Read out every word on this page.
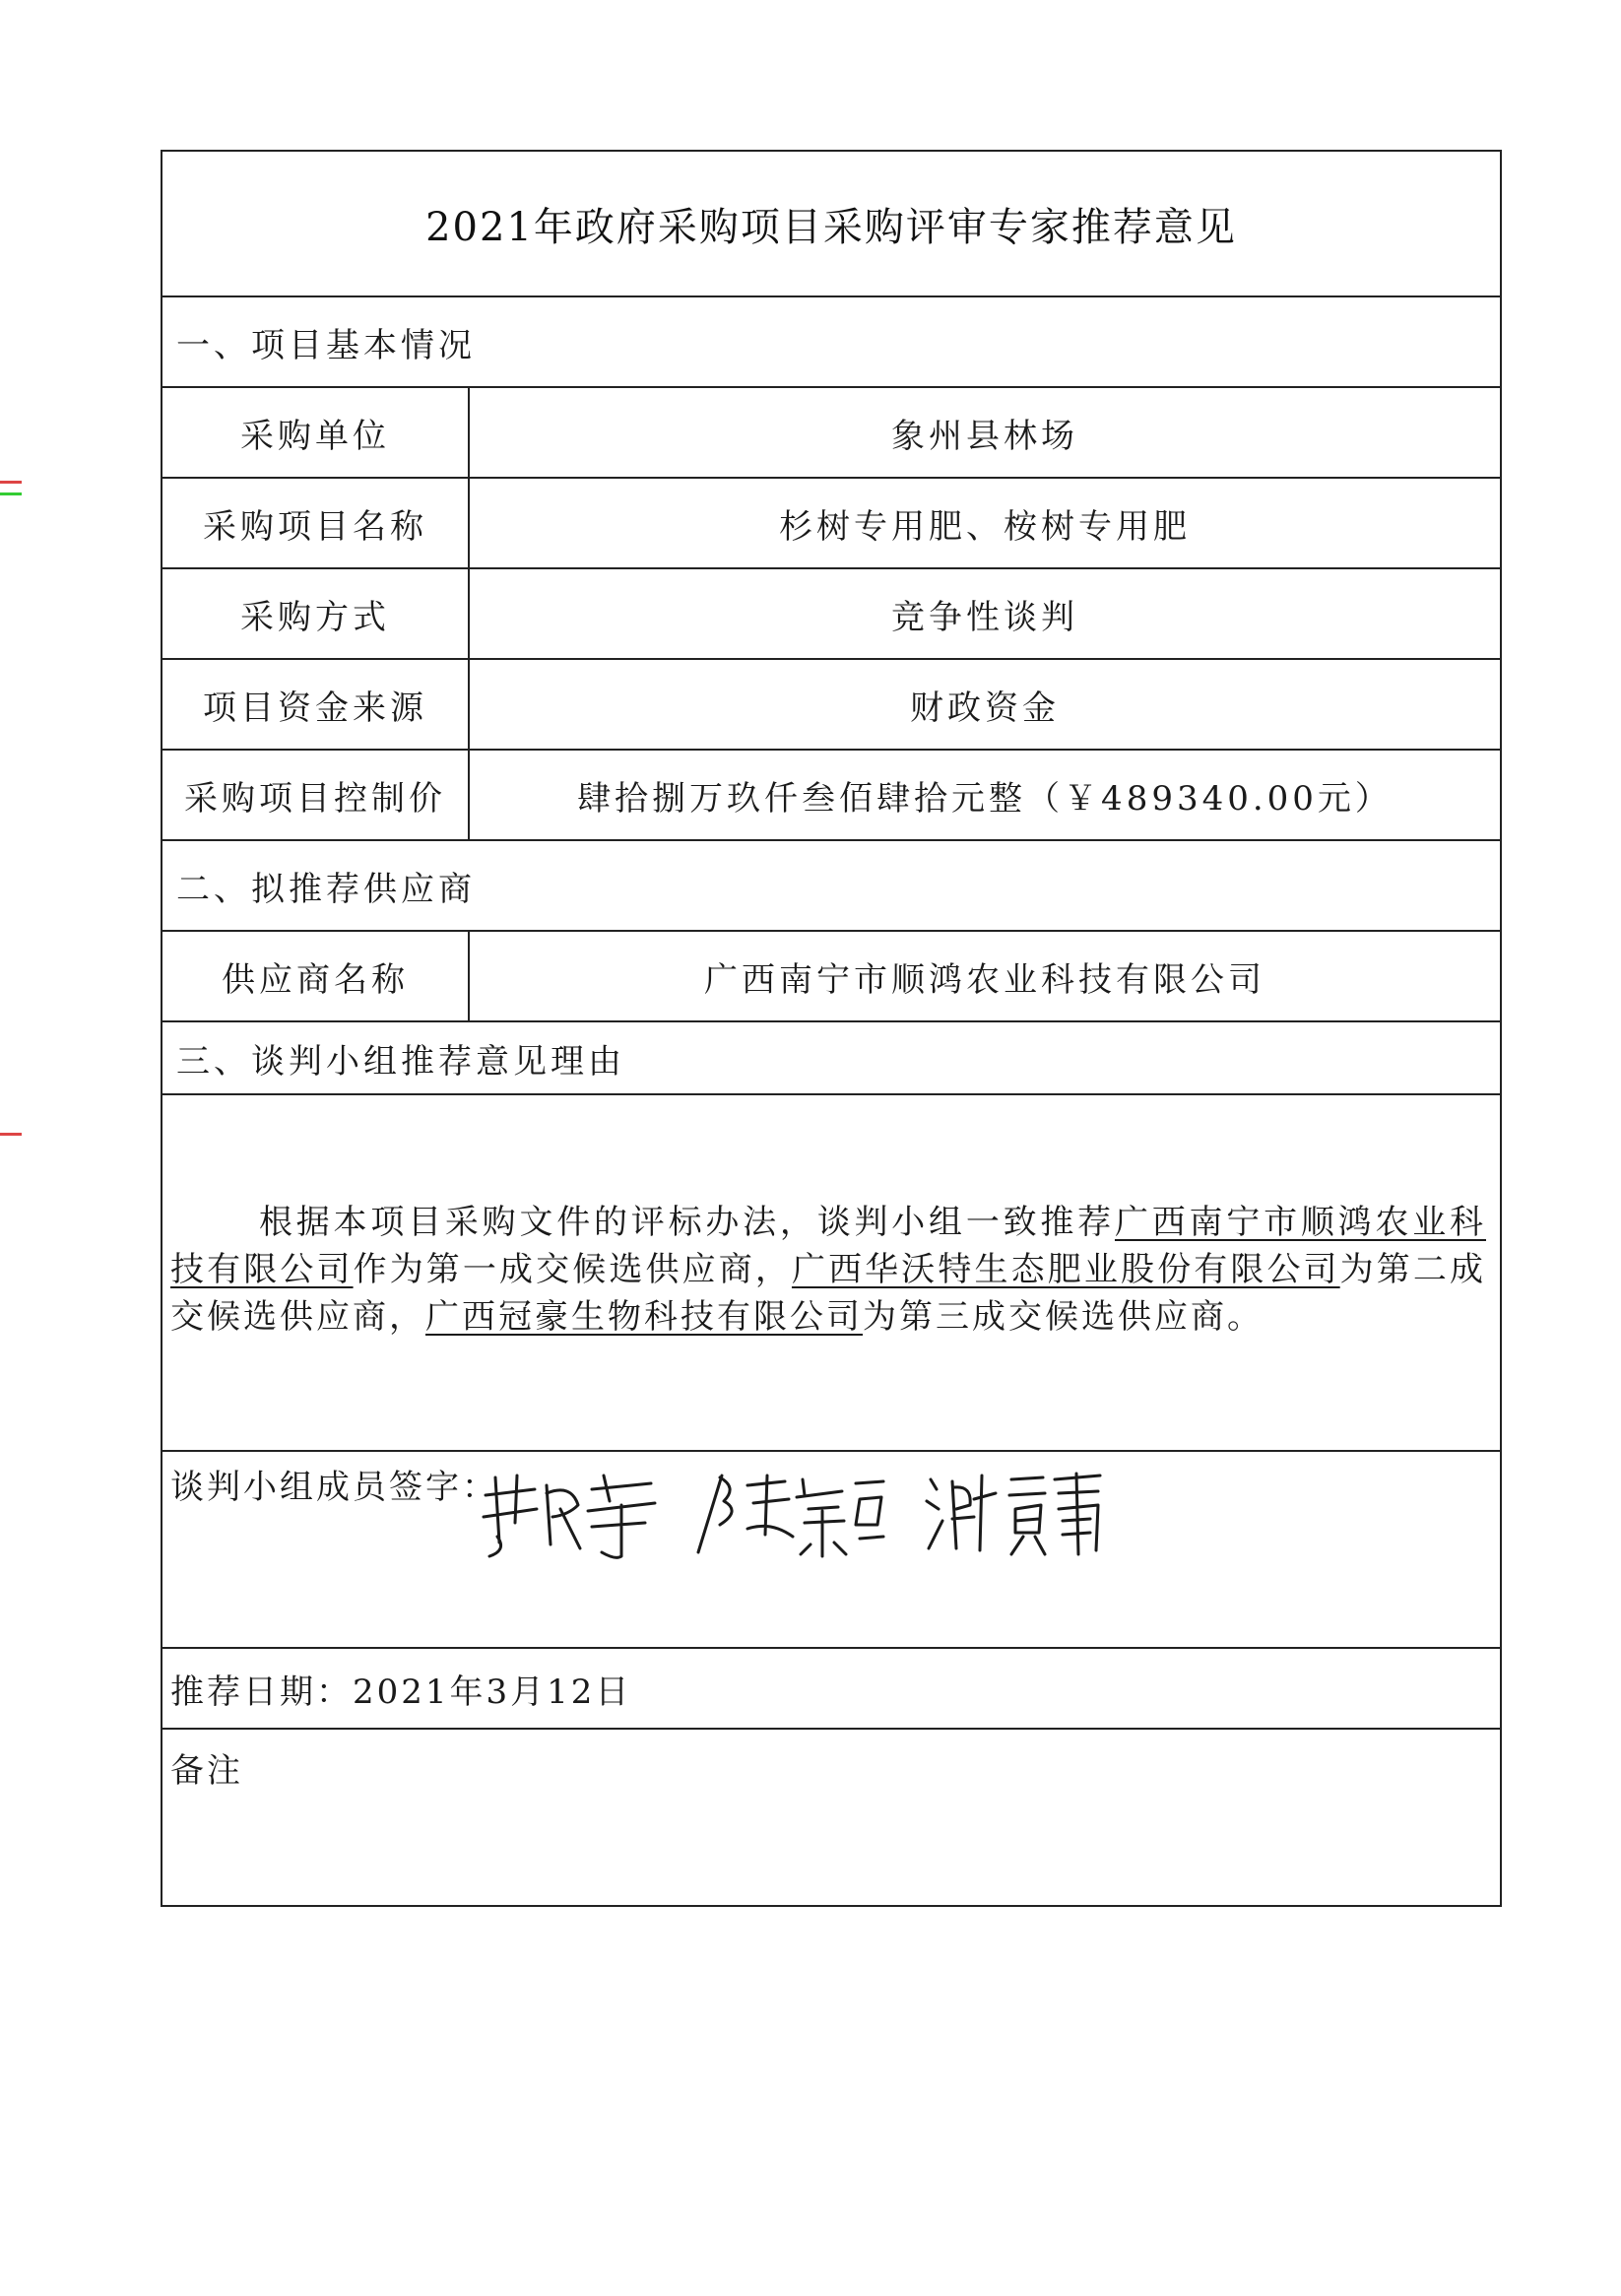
2021年政府采购项目采购评审专家推荐意见
一、项目基本情况
采购单位	象州县林场
采购项目名称	杉树专用肥、桉树专用肥
采购方式	竞争性谈判
项目资金来源	财政资金
采购项目控制价	肆拾捌万玖仟叁佰肆拾元整（￥489340.00元）
二、拟推荐供应商
供应商名称	广西南宁市顺鸿农业科技有限公司
三、谈判小组推荐意见理由
根据本项目采购文件的评标办法，谈判小组一致推荐广西南宁市顺鸿农业科技有限公司作为第一成交候选供应商，广西华沃特生态肥业股份有限公司为第二成交候选供应商，广西冠豪生物科技有限公司为第三成交候选供应商。
谈判小组成员签字：
推荐日期：2021年3月12日
备注
